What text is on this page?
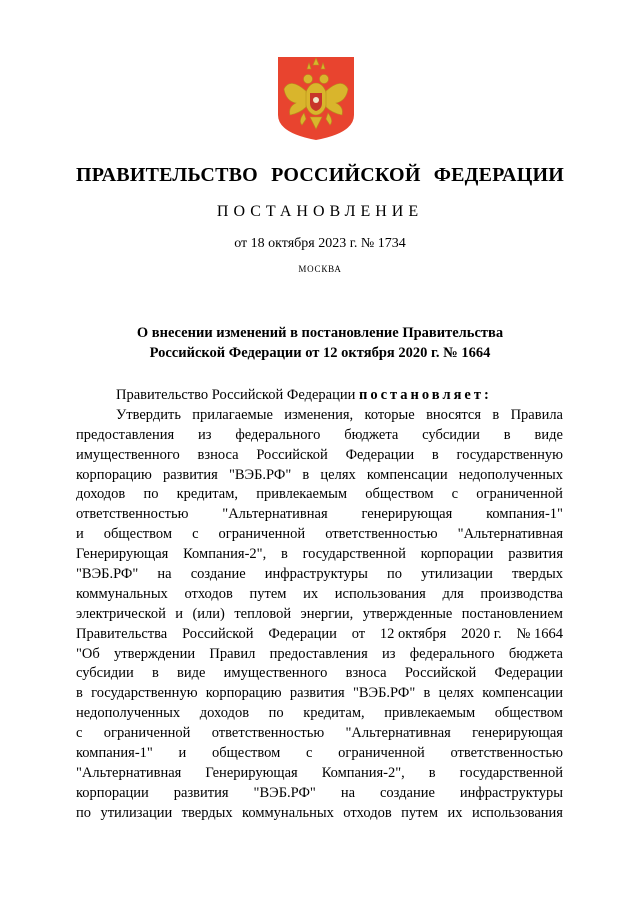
ПРАВИТЕЛЬСТВО РОССИЙСКОЙ ФЕДЕРАЦИИ
ПОСТАНОВЛЕНИЕ
от 18 октября 2023 г. № 1734
МОСКВА
О внесении изменений в постановление Правительства
Российской Федерации от 12 октября 2020 г. № 1664
Правительство Российской Федерации
постановляет:
Утвердить прилагаемые изменения, которые вносятся в Правила
предоставления из федерального бюджета субсидии в виде
имущественного взноса Российской Федерации в государственную
корпорацию развития "ВЭБ.РФ" в целях компенсации недополученных
доходов по кредитам, привлекаемым обществом с ограниченной
ответственностью "Альтернативная генерирующая компания-1"
и обществом с ограниченной ответственностью "Альтернативная
Генерирующая Компания-2", в государственной корпорации развития
"ВЭБ.РФ" на создание инфраструктуры по утилизации твердых
коммунальных отходов путем их использования для производства
электрической и (или) тепловой энергии, утвержденные постановлением
Правительства Российской Федерации от 12 октября 2020 г. № 1664
"Об утверждении Правил предоставления из федерального бюджета
субсидии в виде имущественного взноса Российской Федерации
в государственную корпорацию развития "ВЭБ.РФ" в целях компенсации
недополученных доходов по кредитам, привлекаемым обществом
с ограниченной ответственностью "Альтернативная генерирующая
компания-1" и обществом с ограниченной ответственностью
"Альтернативная Генерирующая Компания-2", в государственной
корпорации развития "ВЭБ.РФ" на создание инфраструктуры
по утилизации твердых коммунальных отходов путем их использования
